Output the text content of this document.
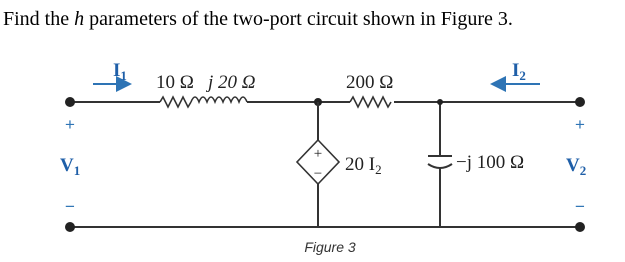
Find the h parameters of the two-port circuit shown in Figure 3.
+
−
$I_1$	$I_2$
10 Ω j 20 Ω	200 Ω
20 $I_2$	−j 100 Ω
+
$V_1$
−
+
$V_2$
−
Figure 3
